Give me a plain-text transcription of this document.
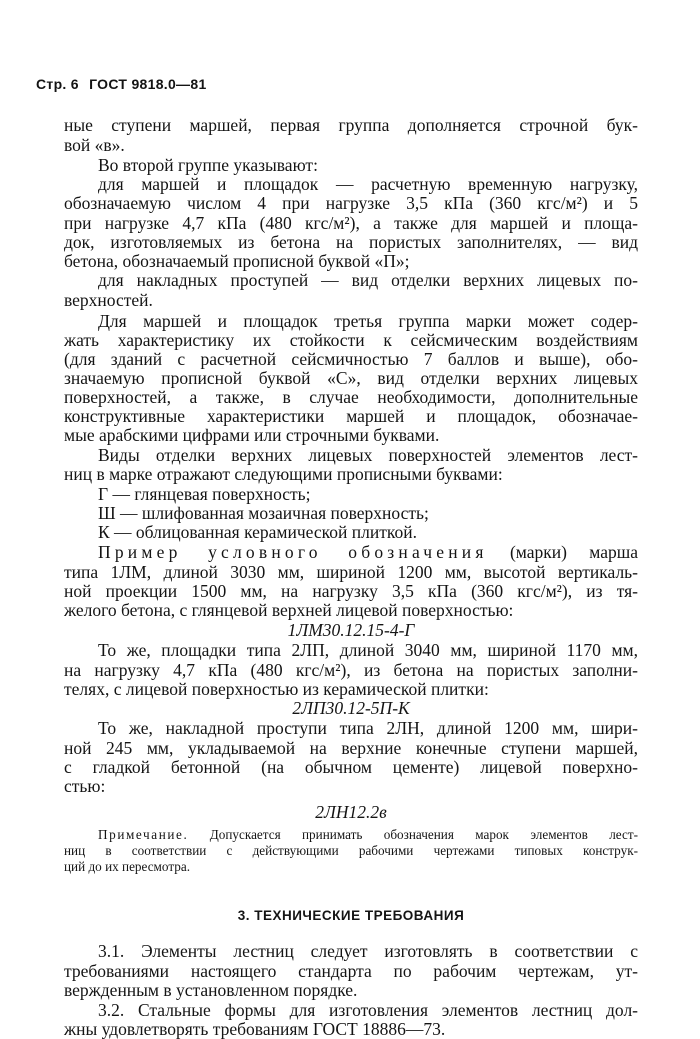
Стр. 6 ГОСТ 9818.0—81
ные ступени маршей, первая группа дополняется строчной бук-
вой «в».
Во второй группе указывают:
для маршей и площадок — расчетную временную нагрузку,
обозначаемую числом 4 при нагрузке 3,5 кПа (360 кгс/м²) и 5
при нагрузке 4,7 кПа (480 кгс/м²), а также для маршей и площа-
док, изготовляемых из бетона на пористых заполнителях, — вид
бетона, обозначаемый прописной буквой «П»;
для накладных проступей — вид отделки верхних лицевых по-
верхностей.
Для маршей и площадок третья группа марки может содер-
жать характеристику их стойкости к сейсмическим воздействиям
(для зданий с расчетной сейсмичностью 7 баллов и выше), обо-
значаемую прописной буквой «С», вид отделки верхних лицевых
поверхностей, а также, в случае необходимости, дополнительные
конструктивные характеристики маршей и площадок, обозначае-
мые арабскими цифрами или строчными буквами.
Виды отделки верхних лицевых поверхностей элементов лест-
ниц в марке отражают следующими прописными буквами:
Г — глянцевая поверхность;
Ш — шлифованная мозаичная поверхность;
К — облицованная керамической плиткой.
Пример условного обозначения (марки) марша
типа 1ЛМ, длиной 3030 мм, шириной 1200 мм, высотой вертикаль-
ной проекции 1500 мм, на нагрузку 3,5 кПа (360 кгс/м²), из тя-
желого бетона, с глянцевой верхней лицевой поверхностью:
1ЛМ30.12.15-4-Г
То же, площадки типа 2ЛП, длиной 3040 мм, шириной 1170 мм,
на нагрузку 4,7 кПа (480 кгс/м²), из бетона на пористых заполни-
телях, с лицевой поверхностью из керамической плитки:
2ЛП30.12-5П-К
То же, накладной проступи типа 2ЛН, длиной 1200 мм, шири-
ной 245 мм, укладываемой на верхние конечные ступени маршей,
с гладкой бетонной (на обычном цементе) лицевой поверхно-
стью:
2ЛН12.2в
Примечание. Допускается принимать обозначения марок элементов лест-
ниц в соответствии с действующими рабочими чертежами типовых конструк-
ций до их пересмотра.
3. ТЕХНИЧЕСКИЕ ТРЕБОВАНИЯ
3.1. Элементы лестниц следует изготовлять в соответствии с
требованиями настоящего стандарта по рабочим чертежам, ут-
вержденным в установленном порядке.
3.2. Стальные формы для изготовления элементов лестниц дол-
жны удовлетворять требованиям ГОСТ 18886—73.
